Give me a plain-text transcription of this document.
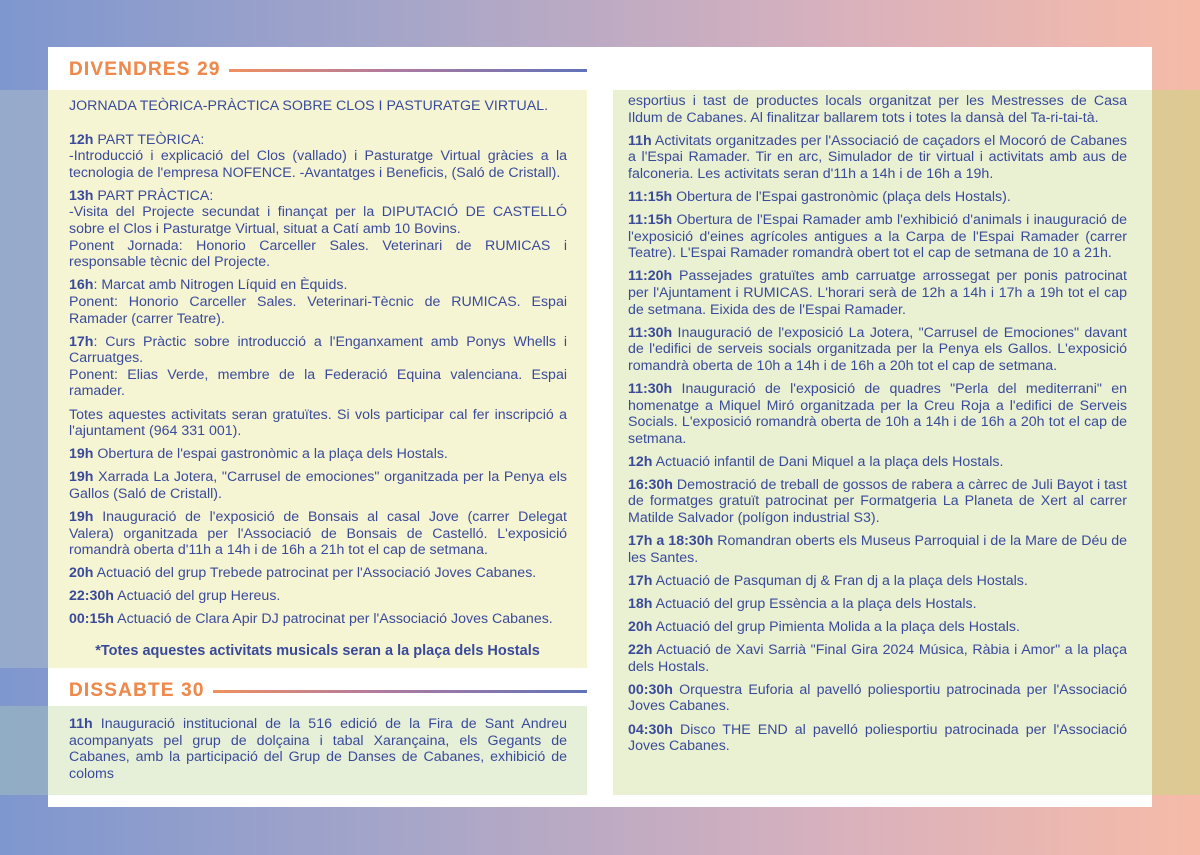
DIVENDRES 29
JORNADA TEÒRICA-PRÀCTICA SOBRE CLOS I PASTURATGE VIRTUAL.
12h PART TEÒRICA:
-Introducció i explicació del Clos (vallado) i Pasturatge Virtual gràcies a la tecnologia de l'empresa NOFENCE. -Avantatges i Beneficis, (Saló de Cristall).
13h PART PRÀCTICA:
-Visita del Projecte secundat i finançat per la DIPUTACIÓ DE CASTELLÓ sobre el Clos i Pasturatge Virtual, situat a Catí amb 10 Bovins.
Ponent Jornada: Honorio Carceller Sales. Veterinari de RUMICAS i responsable tècnic del Projecte.
16h: Marcat amb Nitrogen Líquid en Èquids.
Ponent: Honorio Carceller Sales. Veterinari-Tècnic de RUMICAS. Espai Ramader (carrer Teatre).
17h: Curs Pràctic sobre introducció a l'Enganxament amb Ponys Whells i Carruatges.
Ponent: Elias Verde, membre de la Federació Equina valenciana. Espai ramader.
Totes aquestes activitats seran gratuïtes. Si vols participar cal fer inscripció a l'ajuntament (964 331 001).
19h Obertura de l'espai gastronòmic a la plaça dels Hostals.
19h Xarrada La Jotera, "Carrusel de emociones" organitzada per la Penya els Gallos (Saló de Cristall).
19h Inauguració de l'exposició de Bonsais al casal Jove (carrer Delegat Valera) organitzada per l'Associació de Bonsais de Castelló. L'exposició romandrà oberta d'11h a 14h i de 16h a 21h tot el cap de setmana.
20h Actuació del grup Trebede patrocinat per l'Associació Joves Cabanes.
22:30h Actuació del grup Hereus.
00:15h Actuació de Clara Apir DJ patrocinat per l'Associació Joves Cabanes.
*Totes aquestes activitats musicals seran a la plaça dels Hostals
DISSABTE 30
11h Inauguració institucional de la 516 edició de la Fira de Sant Andreu acompanyats pel grup de dolçaina i tabal Xarançaina, els Gegants de Cabanes, amb la participació del Grup de Danses de Cabanes, exhibició de coloms
esportius i tast de productes locals organitzat per les Mestresses de Casa Ildum de Cabanes. Al finalitzar ballarem tots i totes la dansà del Ta-ri-tai-tà.
11h Activitats organitzades per l'Associació de caçadors el Mocoró de Cabanes a l'Espai Ramader. Tir en arc, Simulador de tir virtual i activitats amb aus de falconeria. Les activitats seran d'11h a 14h i de 16h a 19h.
11:15h Obertura de l'Espai gastronòmic (plaça dels Hostals).
11:15h Obertura de l'Espai Ramader amb l'exhibició d'animals i inauguració de l'exposició d'eines agrícoles antigues a la Carpa de l'Espai Ramader (carrer Teatre). L'Espai Ramader romandrà obert tot el cap de setmana de 10 a 21h.
11:20h Passejades gratuïtes amb carruatge arrossegat per ponis patrocinat per l'Ajuntament i RUMICAS. L'horari serà de 12h a 14h i 17h a 19h tot el cap de setmana. Eixida des de l'Espai Ramader.
11:30h Inauguració de l'exposició La Jotera, "Carrusel de Emociones" davant de l'edifici de serveis socials organitzada per la Penya els Gallos. L'exposició romandrà oberta de 10h a 14h i de 16h a 20h tot el cap de setmana.
11:30h Inauguració de l'exposició de quadres "Perla del mediterrani" en homenatge a Miquel Miró organitzada per la Creu Roja a l'edifici de Serveis Socials. L'exposició romandrà oberta de 10h a 14h i de 16h a 20h tot el cap de setmana.
12h Actuació infantil de Dani Miquel a la plaça dels Hostals.
16:30h Demostració de treball de gossos de rabera a càrrec de Juli Bayot i tast de formatges gratuït patrocinat per Formatgeria La Planeta de Xert al carrer Matilde Salvador (polígon industrial S3).
17h a 18:30h Romandran oberts els Museus Parroquial i de la Mare de Déu de les Santes.
17h Actuació de Pasquman dj & Fran dj a la plaça dels Hostals.
18h Actuació del grup Essència a la plaça dels Hostals.
20h Actuació del grup Pimienta Molida a la plaça dels Hostals.
22h Actuació de Xavi Sarrià "Final Gira 2024 Música, Ràbia i Amor" a la plaça dels Hostals.
00:30h Orquestra Euforia al pavelló poliesportiu patrocinada per l'Associació Joves Cabanes.
04:30h Disco THE END al pavelló poliesportiu patrocinada per l'Associació Joves Cabanes.
